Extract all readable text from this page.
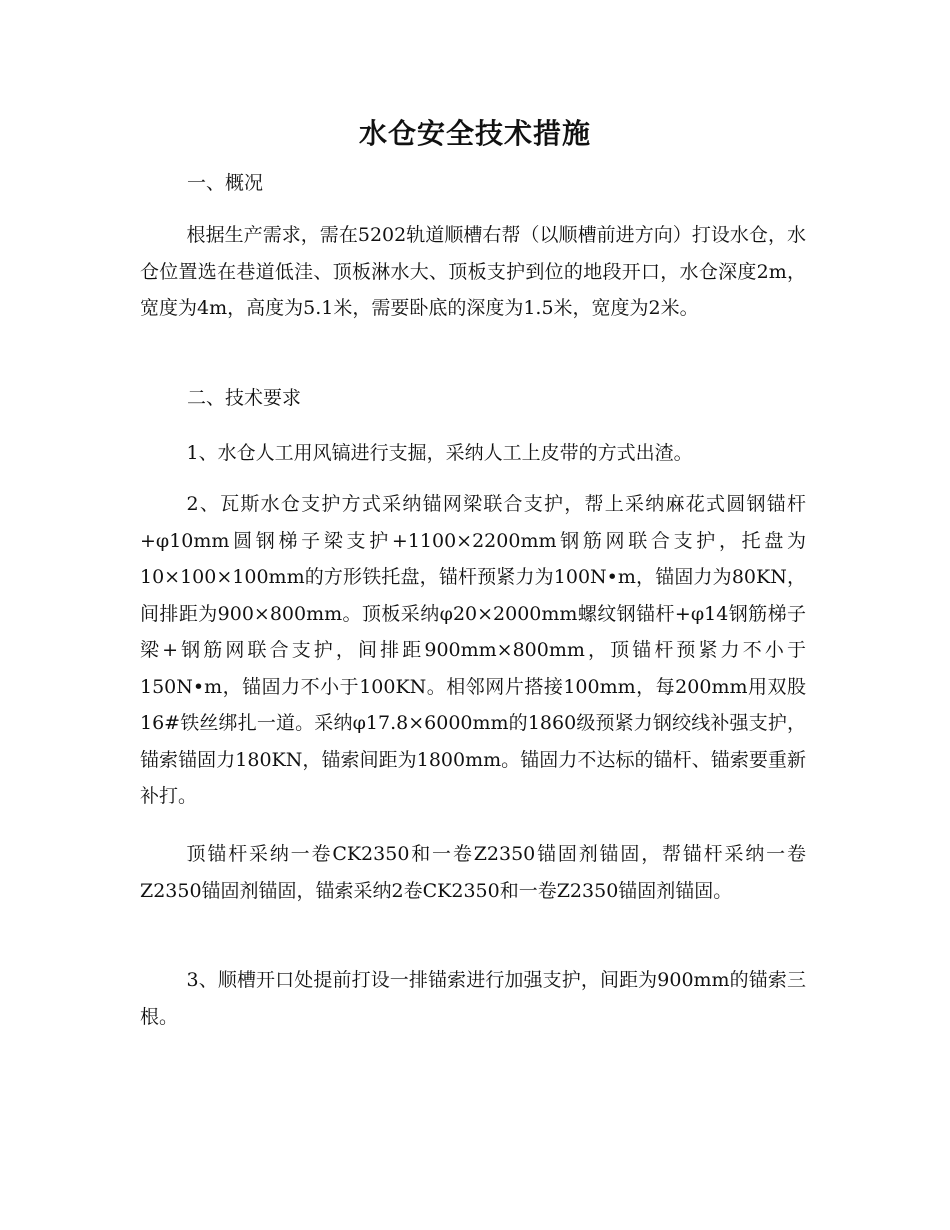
水仓安全技术措施
一、概况
根据生产需求，需在5202轨道顺槽右帮（以顺槽前进方向）打设水仓，水仓位置选在巷道低洼、顶板淋水大、顶板支护到位的地段开口，水仓深度2m，宽度为4m，高度为5.1米，需要卧底的深度为1.5米，宽度为2米。
二、技术要求
1、水仓人工用风镐进行支掘，采纳人工上皮带的方式出渣。
2、瓦斯水仓支护方式采纳锚网梁联合支护，帮上采纳麻花式圆钢锚杆+φ10mm圆钢梯子梁支护+1100×2200mm钢筋网联合支护，托盘为10×100×100mm的方形铁托盘，锚杆预紧力为100N•m，锚固力为80KN，间排距为900×800mm。顶板采纳φ20×2000mm螺纹钢锚杆+φ14钢筋梯子梁+钢筋网联合支护，间排距900mm×800mm，顶锚杆预紧力不小于150N•m，锚固力不小于100KN。相邻网片搭接100mm，每200mm用双股16#铁丝绑扎一道。采纳φ17.8×6000mm的1860级预紧力钢绞线补强支护，锚索锚固力180KN，锚索间距为1800mm。锚固力不达标的锚杆、锚索要重新补打。
顶锚杆采纳一卷CK2350和一卷Z2350锚固剂锚固，帮锚杆采纳一卷Z2350锚固剂锚固，锚索采纳2卷CK2350和一卷Z2350锚固剂锚固。
3、顺槽开口处提前打设一排锚索进行加强支护，间距为900mm的锚索三根。
